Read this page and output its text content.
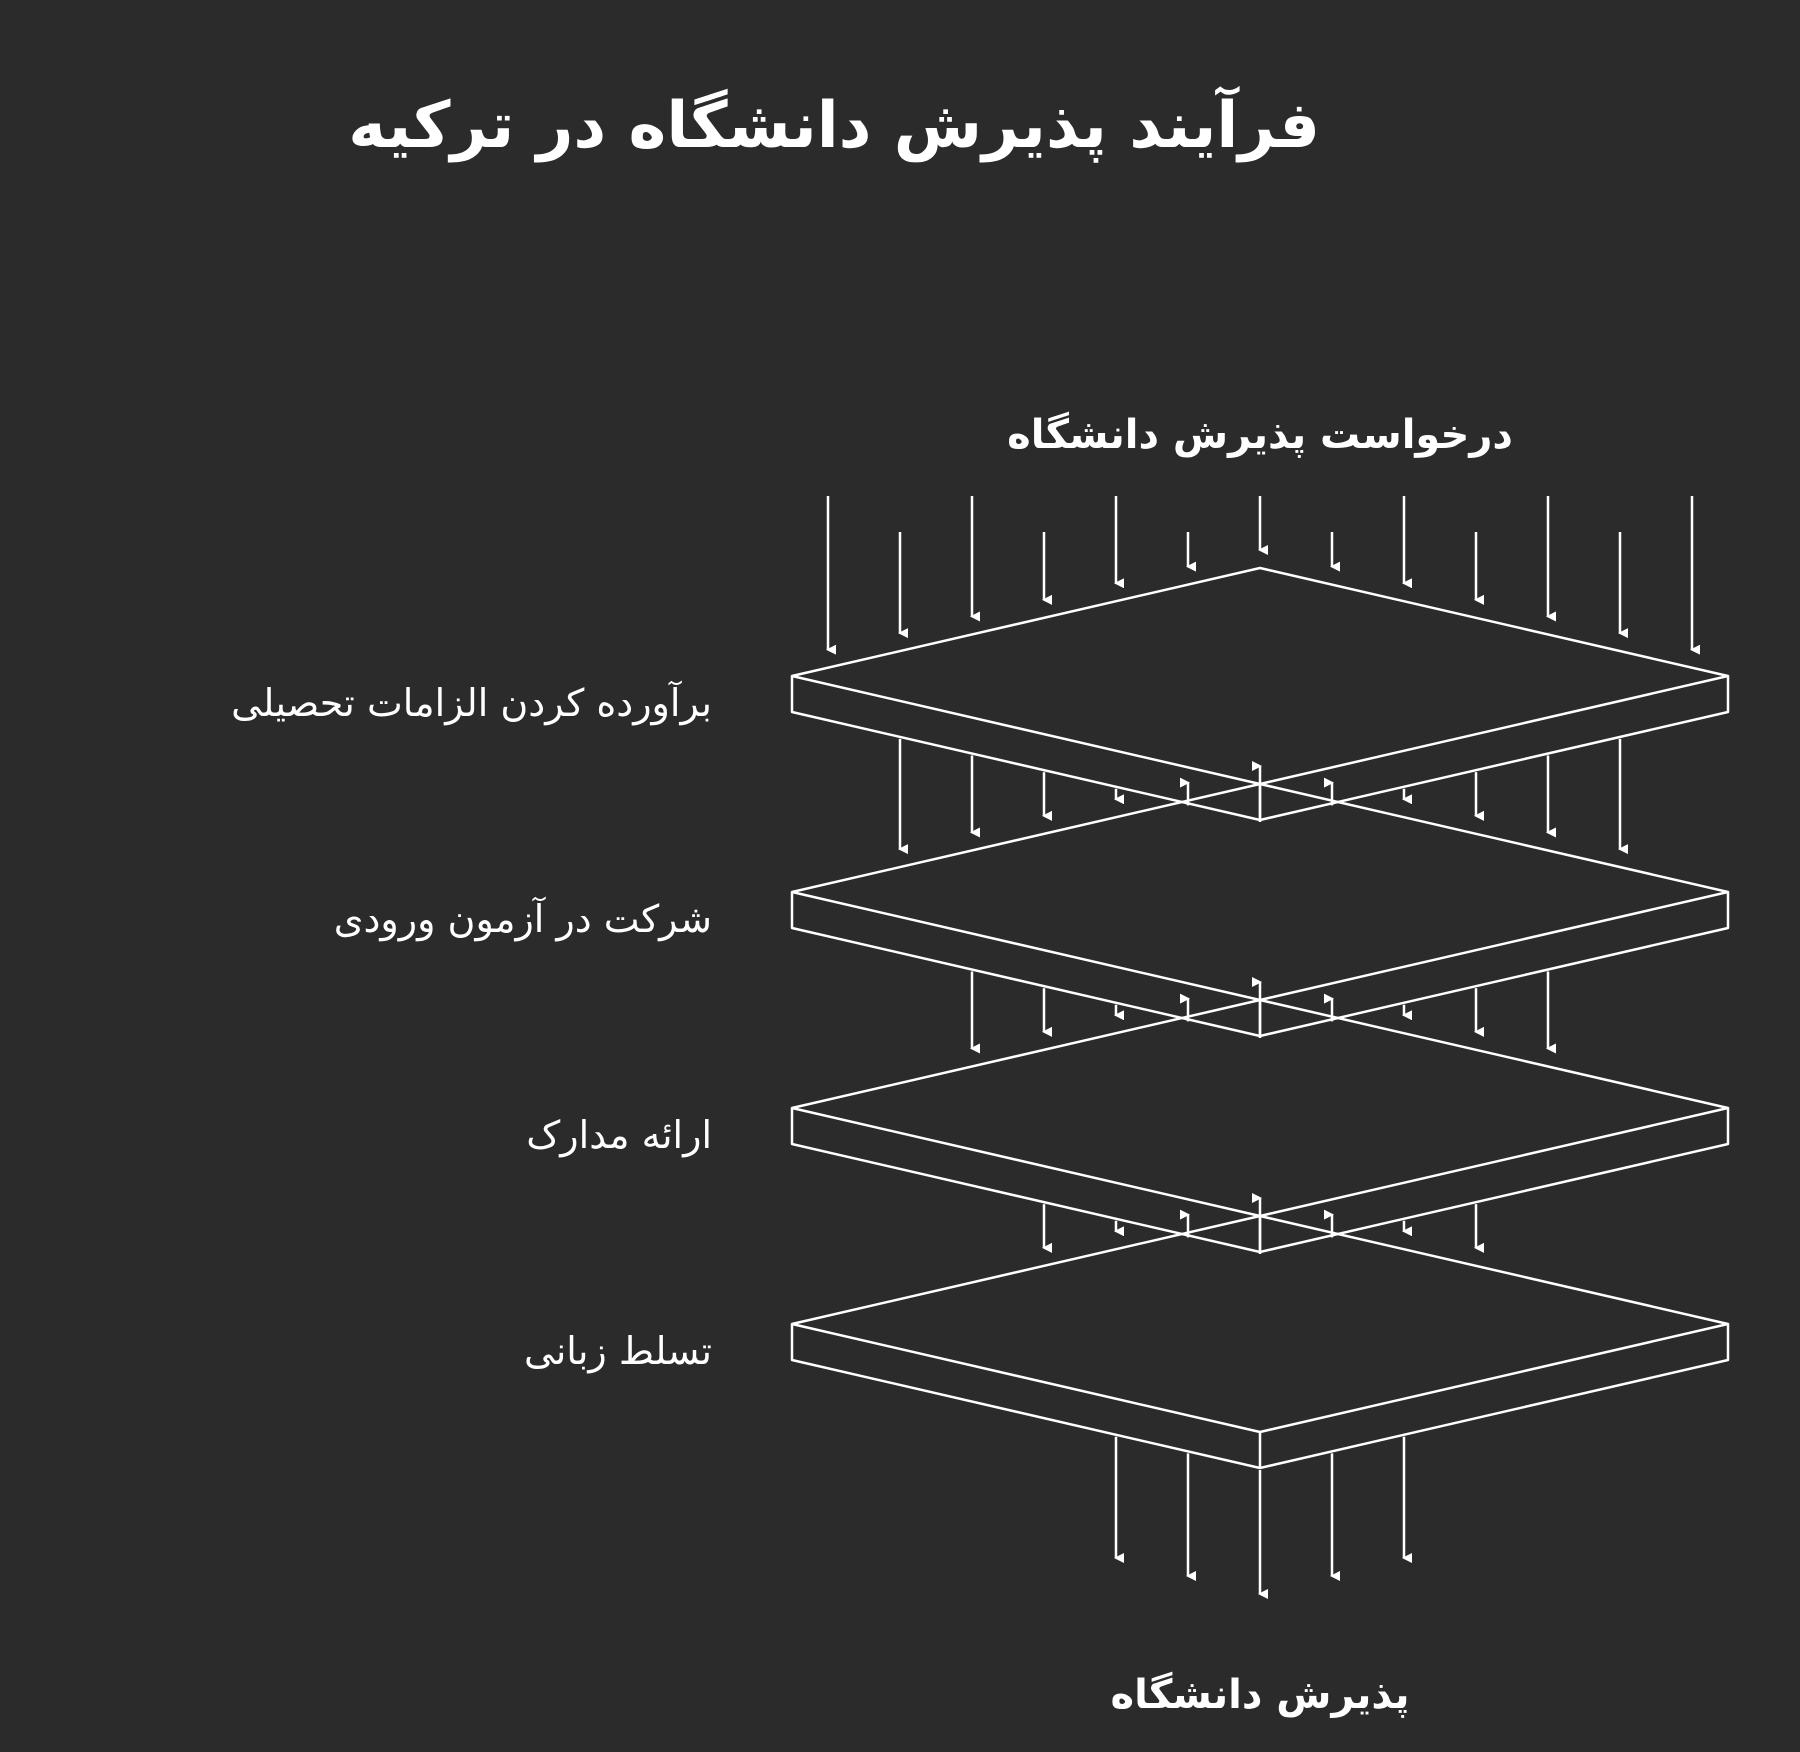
فرآیند پذیرش دانشگاه در ترکیه
درخواست پذیرش دانشگاه
برآورده کردن الزامات تحصیلی
شرکت در آزمون ورودی
ارائه مدارک
تسلط زبانی
پذیرش دانشگاه
